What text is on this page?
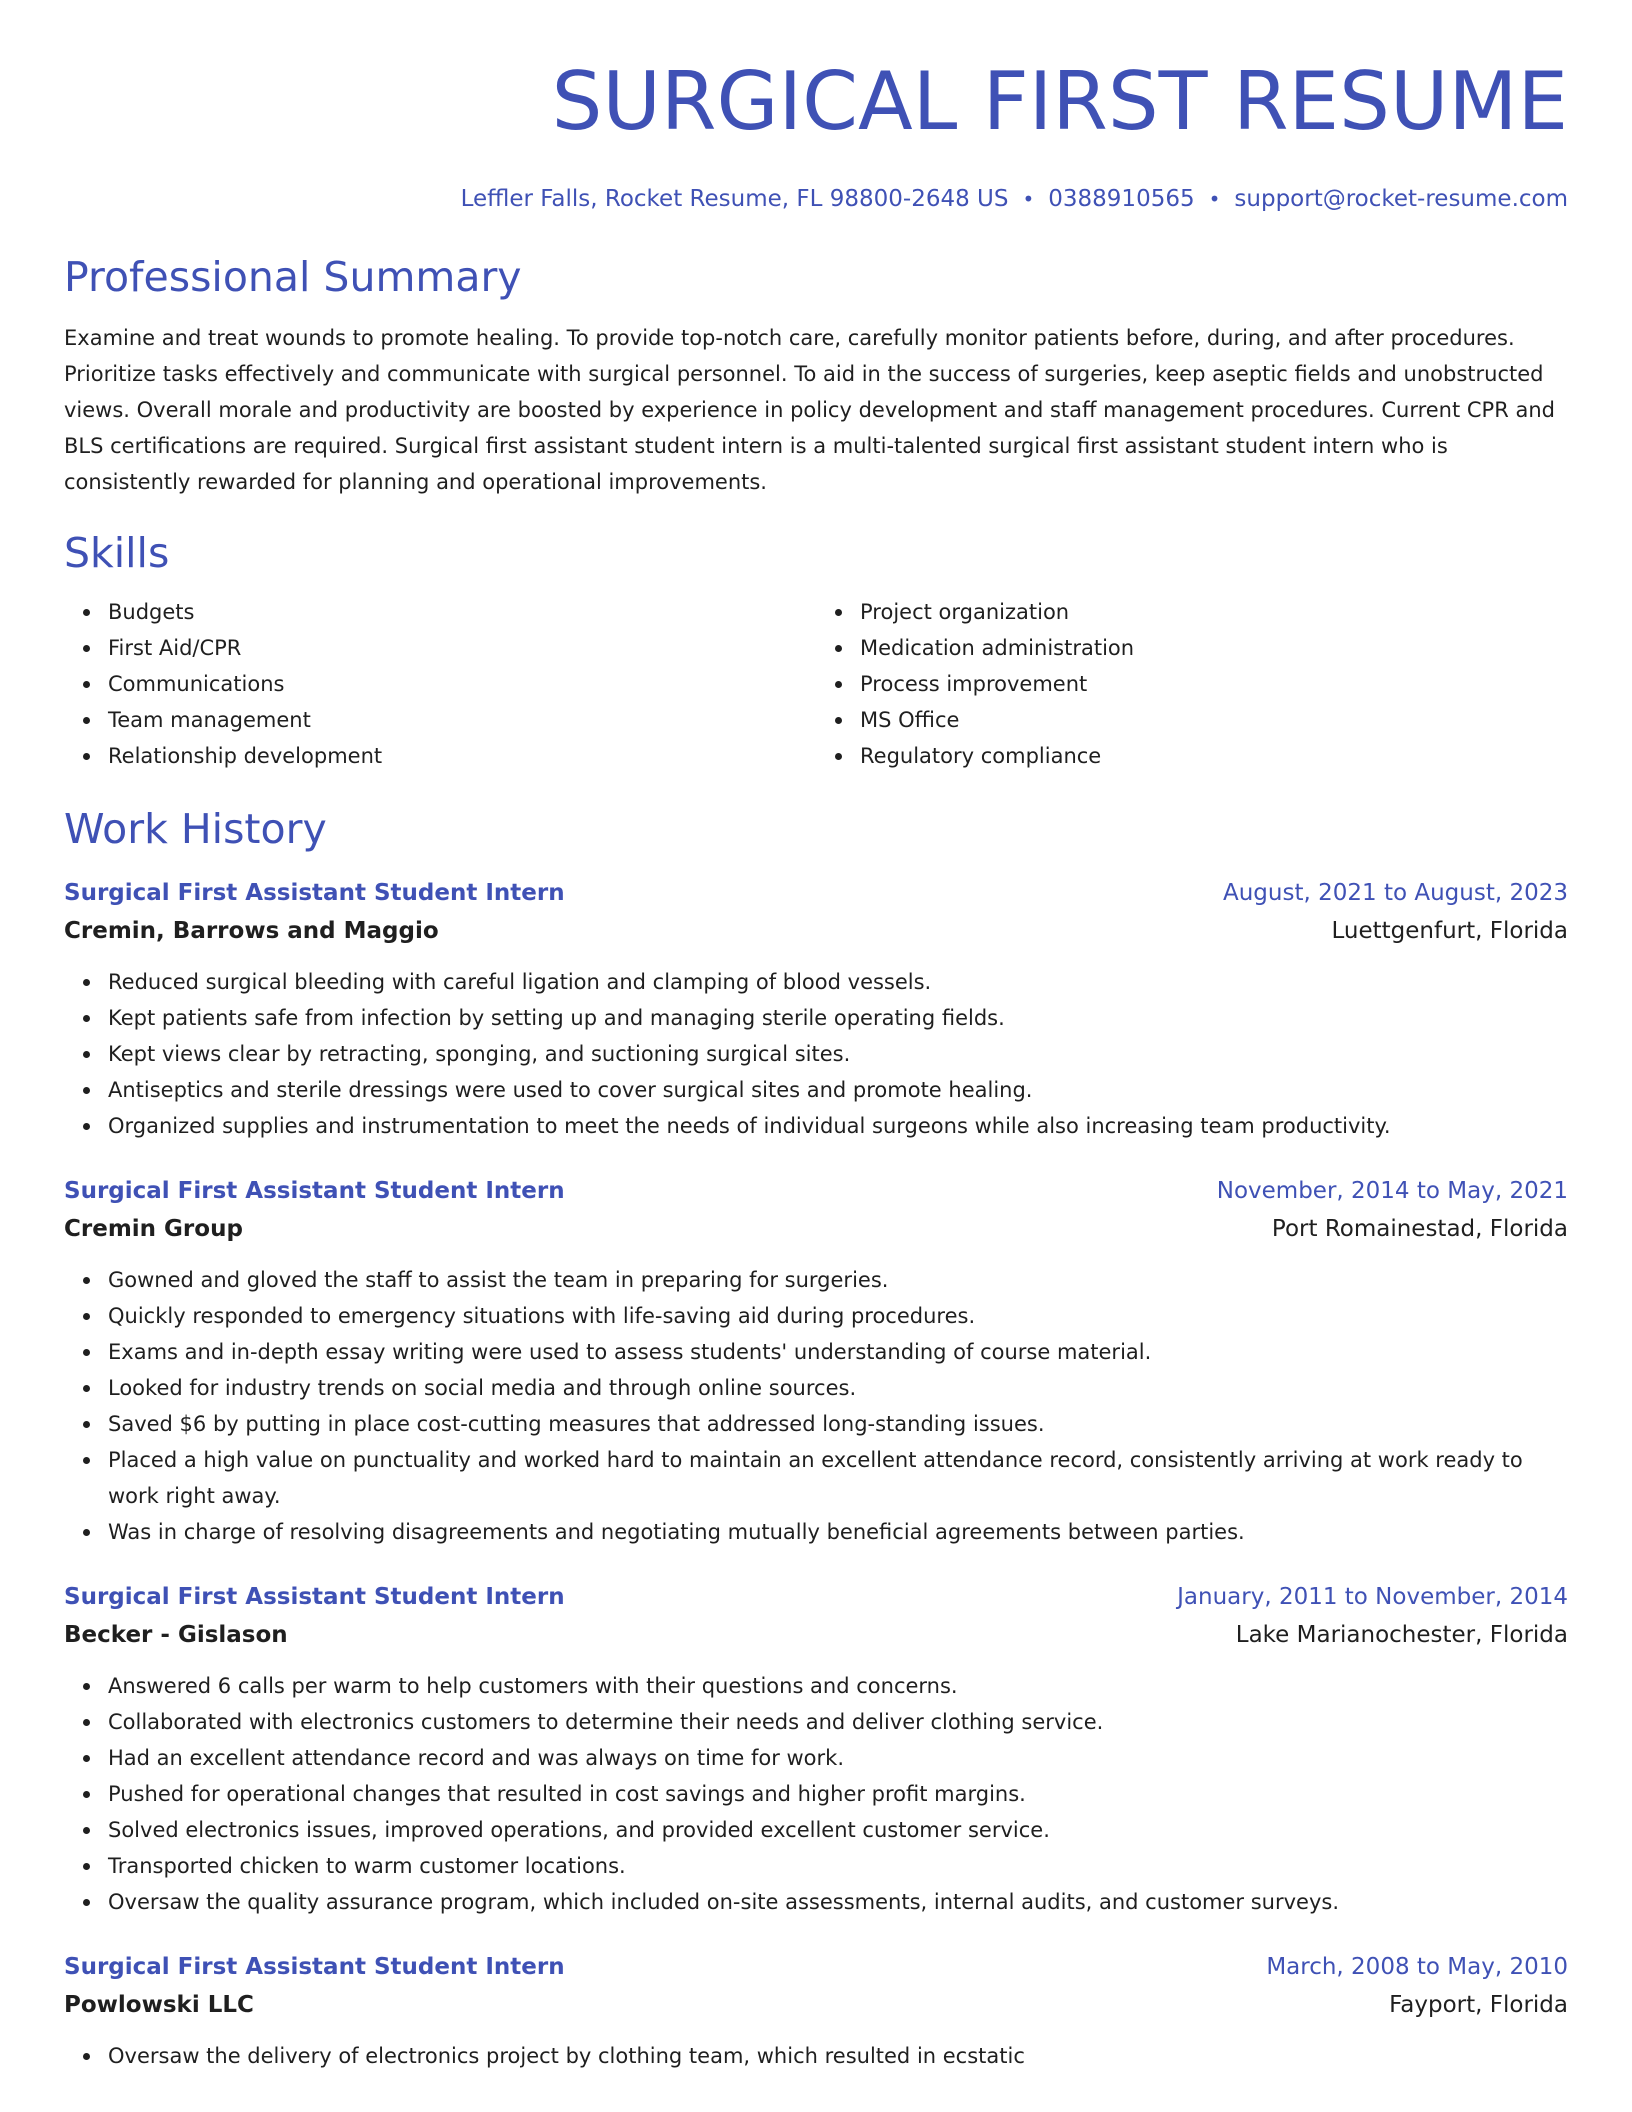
SURGICAL FIRST RESUME
Leffler Falls, Rocket Resume, FL 98800-2648 US • 0388910565 • support@rocket-resume.com
Professional Summary

Examine and treat wounds to promote healing. To provide top-notch care, carefully monitor patients before, during, and after procedures. Prioritize tasks effectively and communicate with surgical personnel. To aid in the success of surgeries, keep aseptic fields and unobstructed views. Overall morale and productivity are boosted by experience in policy development and staff management procedures. Current CPR and BLS certifications are required. Surgical first assistant student intern is a multi-talented surgical first assistant student intern who is consistently rewarded for planning and operational improvements.

Skills
Budgets
First Aid/CPR
Communications
Team management
Relationship development
Project organization
Medication administration
Process improvement
MS Office
Regulatory compliance
Work History
Surgical First Assistant Student Intern	August, 2021 to August, 2023
Cremin, Barrows and Maggio	Luettgenfurt, Florida
Reduced surgical bleeding with careful ligation and clamping of blood vessels.
Kept patients safe from infection by setting up and managing sterile operating fields.
Kept views clear by retracting, sponging, and suctioning surgical sites.
Antiseptics and sterile dressings were used to cover surgical sites and promote healing.
Organized supplies and instrumentation to meet the needs of individual surgeons while also increasing team productivity.
Surgical First Assistant Student Intern	November, 2014 to May, 2021
Cremin Group	Port Romainestad, Florida
Gowned and gloved the staff to assist the team in preparing for surgeries.
Quickly responded to emergency situations with life-saving aid during procedures.
Exams and in-depth essay writing were used to assess students' understanding of course material.
Looked for industry trends on social media and through online sources.
Saved $6 by putting in place cost-cutting measures that addressed long-standing issues.
Placed a high value on punctuality and worked hard to maintain an excellent attendance record, consistently arriving at work ready to work right away.
Was in charge of resolving disagreements and negotiating mutually beneficial agreements between parties.
Surgical First Assistant Student Intern	January, 2011 to November, 2014
Becker - Gislason	Lake Marianochester, Florida
Answered 6 calls per warm to help customers with their questions and concerns.
Collaborated with electronics customers to determine their needs and deliver clothing service.
Had an excellent attendance record and was always on time for work.
Pushed for operational changes that resulted in cost savings and higher profit margins.
Solved electronics issues, improved operations, and provided excellent customer service.
Transported chicken to warm customer locations.
Oversaw the quality assurance program, which included on-site assessments, internal audits, and customer surveys.
Surgical First Assistant Student Intern	March, 2008 to May, 2010
Powlowski LLC	Fayport, Florida
Oversaw the delivery of electronics project by clothing team, which resulted in ecstatic
